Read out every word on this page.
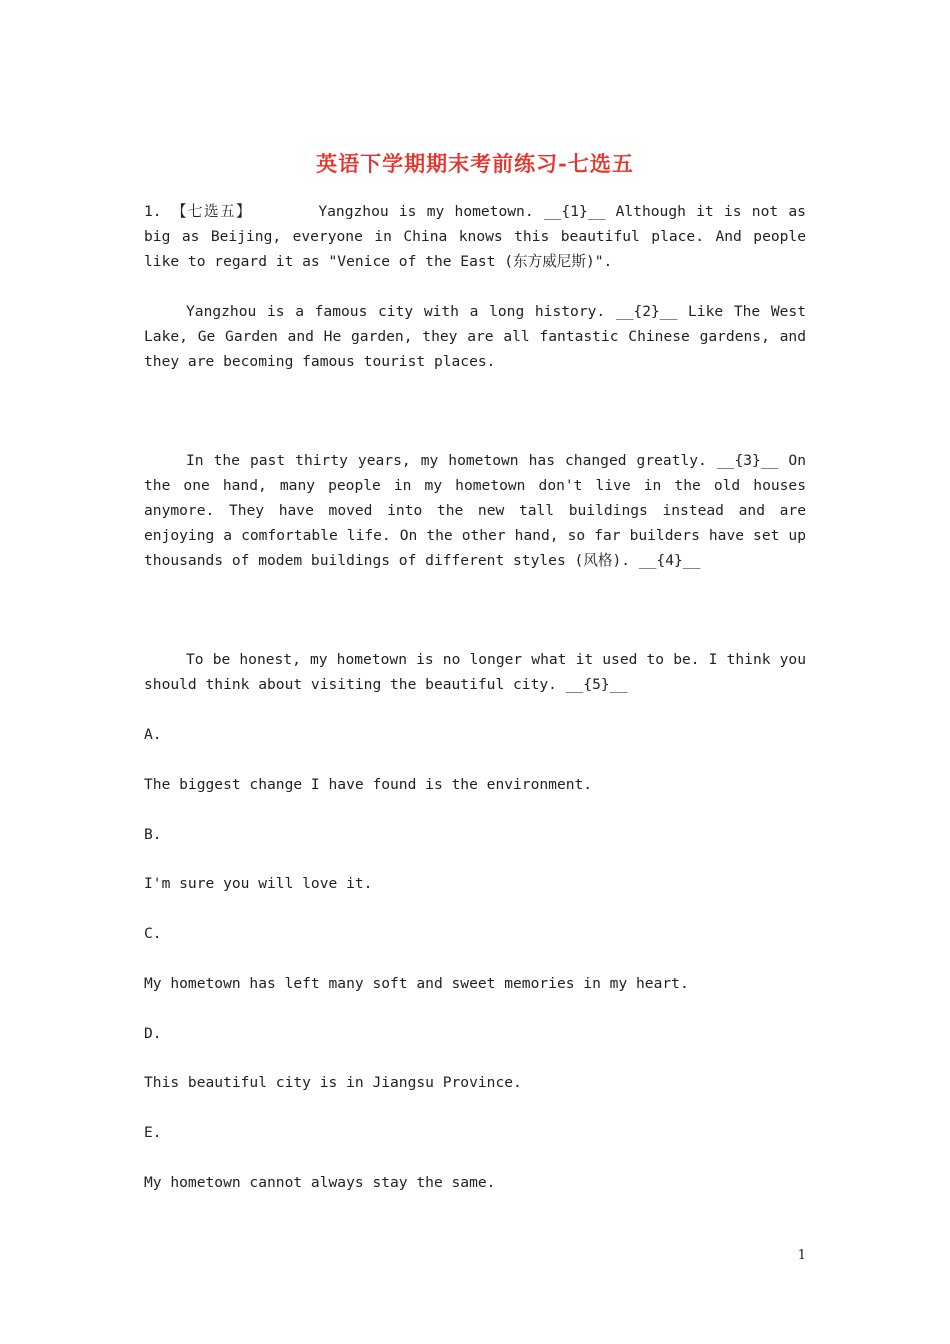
英语下学期期末考前练习-七选五
1. 【七选五】	Yangzhou is my hometown. __{1}__ Although it is not as big as Beijing, everyone in China knows this beautiful place. And people like to regard it as "Venice of the East (东方威尼斯)".
Yangzhou is a famous city with a long history. __{2}__ Like The West Lake, Ge Garden and He garden, they are all fantastic Chinese gardens, and they are becoming famous tourist places.
In the past thirty years, my hometown has changed greatly. __{3}__ On the one hand, many people in my hometown don't live in the old houses anymore. They have moved into the new tall buildings instead and are enjoying a comfortable life. On the other hand, so far builders have set up thousands of modem buildings of different styles (风格). __{4}__
To be honest, my hometown is no longer what it used to be. I think you should think about visiting the beautiful city. __{5}__
A.
The biggest change I have found is the environment.
B.
I'm sure you will love it.
C.
My hometown has left many soft and sweet memories in my heart.
D.
This beautiful city is in Jiangsu Province.
E.
My hometown cannot always stay the same.
1
